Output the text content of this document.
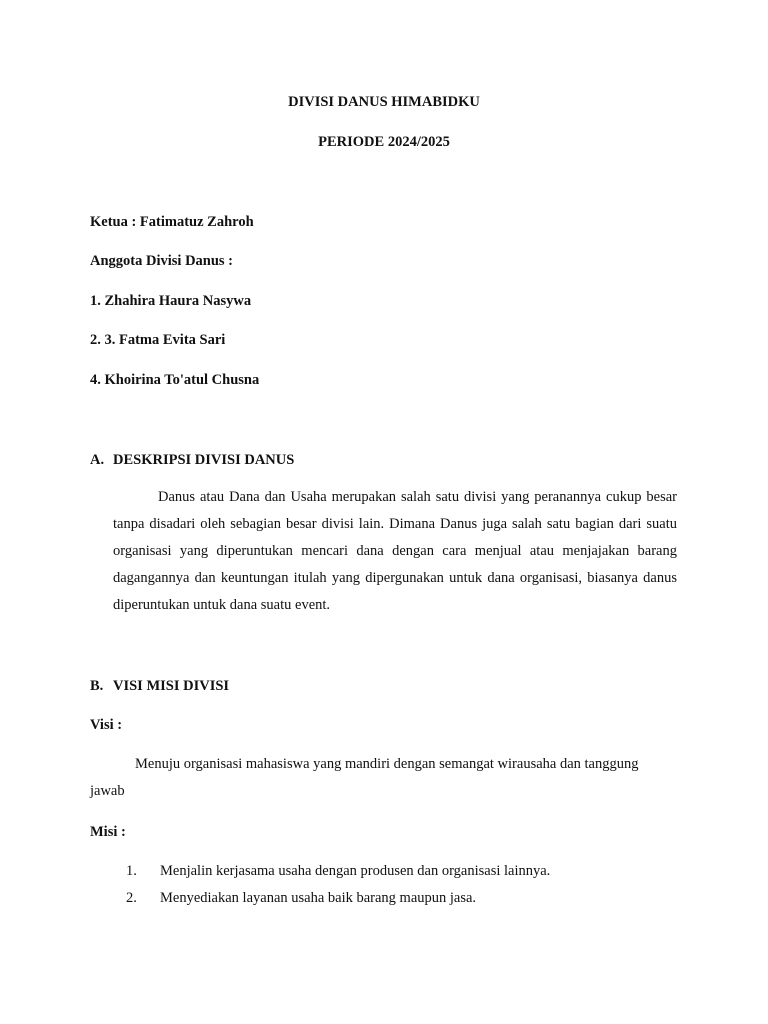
DIVISI DANUS HIMABIDKU

PERIODE 2024/2025

Ketua : Fatimatuz Zahroh

Anggota Divisi Danus :

1. Zhahira Haura Nasywa

2. 3. Fatma Evita Sari

4. Khoirina To'atul Chusna

A. DESKRIPSI DIVISI DANUS

Danus atau Dana dan Usaha merupakan salah satu divisi yang peranannya cukup besar tanpa disadari oleh sebagian besar divisi lain. Dimana Danus juga salah satu bagian dari suatu organisasi yang diperuntukan mencari dana dengan cara menjual atau menjajakan barang dagangannya dan keuntungan itulah yang dipergunakan untuk dana organisasi, biasanya danus diperuntukan untuk dana suatu event.

B. VISI MISI DIVISI

Visi :

Menuju organisasi mahasiswa yang mandiri dengan semangat wirausaha dan tanggung jawab

Misi :

1. Menjalin kerjasama usaha dengan produsen dan organisasi lainnya.
2. Menyediakan layanan usaha baik barang maupun jasa.
